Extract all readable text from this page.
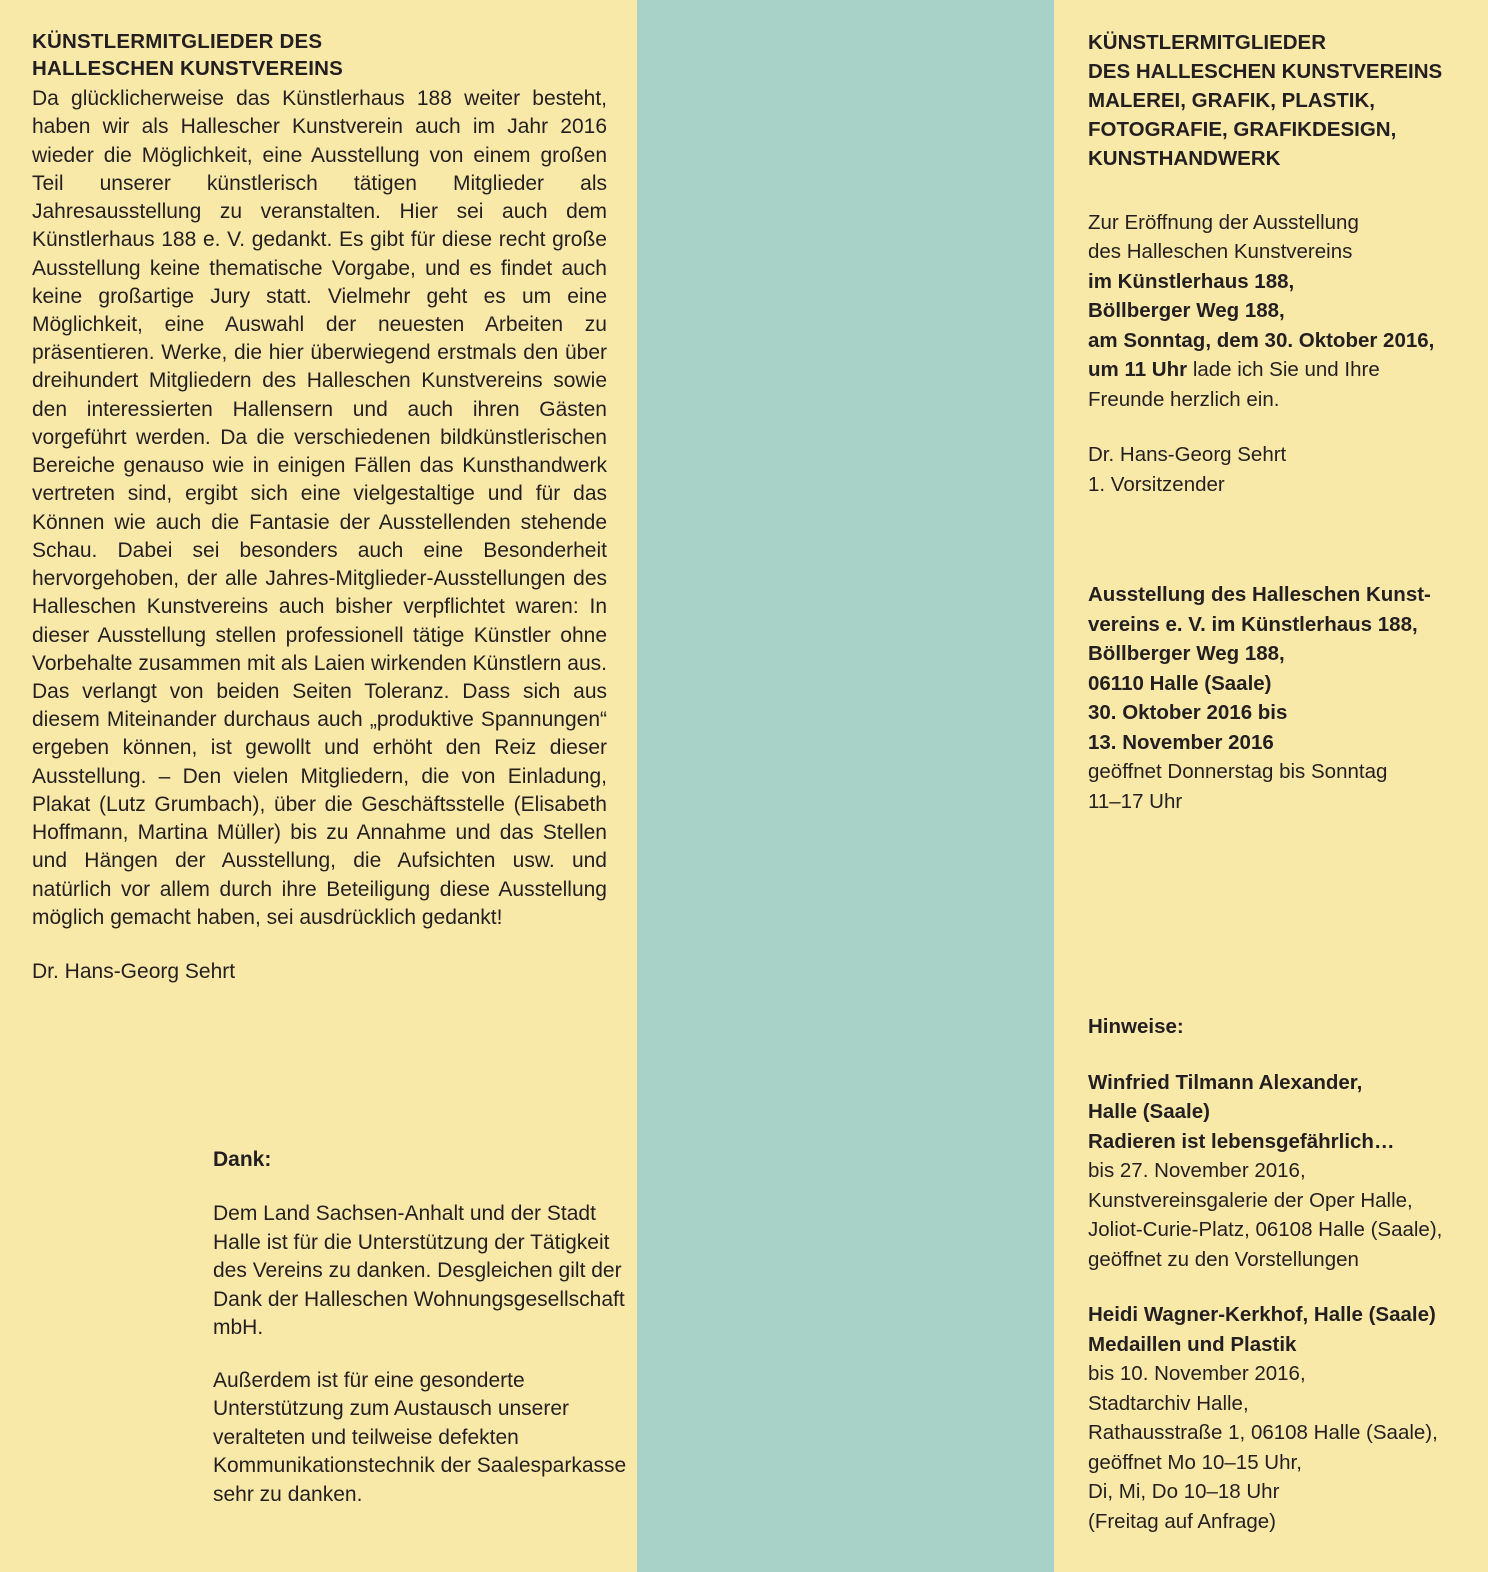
KÜNSTLERMITGLIEDER DES
HALLESCHEN KUNSTVEREINS

Da glücklicherweise das Künstlerhaus 188 weiter besteht, haben wir als Hallescher Kunstverein auch im Jahr 2016 wieder die Möglichkeit, eine Ausstellung von einem großen Teil unserer künstlerisch tätigen Mitglieder als Jahresausstellung zu veranstalten. Hier sei auch dem Künstlerhaus 188 e. V. gedankt. Es gibt für diese recht große Ausstellung keine thematische Vorgabe, und es findet auch keine großartige Jury statt. Vielmehr geht es um eine Möglichkeit, eine Auswahl der neuesten Arbeiten zu präsentieren. Werke, die hier überwiegend erstmals den über dreihundert Mitgliedern des Halleschen Kunstvereins sowie den interessierten Hallensern und auch ihren Gästen vorgeführt werden. Da die verschiedenen bildkünstlerischen Bereiche genauso wie in einigen Fällen das Kunsthandwerk vertreten sind, ergibt sich eine vielgestaltige und für das Können wie auch die Fantasie der Ausstellenden stehende Schau. Dabei sei besonders auch eine Besonderheit hervorgehoben, der alle Jahres-Mitglieder-Ausstellungen des Halleschen Kunstvereins auch bisher verpflichtet waren: In dieser Ausstellung stellen professionell tätige Künstler ohne Vorbehalte zusammen mit als Laien wirkenden Künstlern aus. Das verlangt von beiden Seiten Toleranz. Dass sich aus diesem Miteinander durchaus auch „produktive Spannungen“ ergeben können, ist gewollt und erhöht den Reiz dieser Ausstellung. – Den vielen Mitgliedern, die von Einladung, Plakat (Lutz Grumbach), über die Geschäftsstelle (Elisabeth Hoffmann, Martina Müller) bis zu Annahme und das Stellen und Hängen der Ausstellung, die Aufsichten usw. und natürlich vor allem durch ihre Beteiligung diese Ausstellung möglich gemacht haben, sei ausdrücklich gedankt!

Dr. Hans-Georg Sehrt
Dank:

Dem Land Sachsen-Anhalt und der Stadt Halle ist für die Unterstützung der Tätigkeit des Vereins zu danken. Desgleichen gilt der Dank der Halleschen Wohnungsgesellschaft mbH.

Außerdem ist für eine gesonderte Unterstützung zum Austausch unserer veralteten und teilweise defekten Kommunikationstechnik der Saalesparkasse sehr zu danken.

KÜNSTLERMITGLIEDER
DES HALLESCHEN KUNSTVEREINS
MALEREI, GRAFIK, PLASTIK,
FOTOGRAFIE, GRAFIKDESIGN,
KUNSTHANDWERK

Zur Eröffnung der Ausstellung

des Halleschen Kunstvereins

im Künstlerhaus 188,

Böllberger Weg 188,

am Sonntag, dem 30. Oktober 2016,

um 11 Uhr lade ich Sie und Ihre

Freunde herzlich ein.

Dr. Hans-Georg Sehrt

1. Vorsitzender

Ausstellung des Halleschen Kunst-

vereins e. V. im Künstlerhaus 188,

Böllberger Weg 188,

06110 Halle (Saale)

30. Oktober 2016 bis

13. November 2016

geöffnet Donnerstag bis Sonntag

11–17 Uhr

Hinweise:

Winfried Tilmann Alexander,

Halle (Saale)

Radieren ist lebensgefährlich…

bis 27. November 2016,

Kunstvereinsgalerie der Oper Halle,

Joliot-Curie-Platz, 06108 Halle (Saale),

geöffnet zu den Vorstellungen

Heidi Wagner-Kerkhof, Halle (Saale)

Medaillen und Plastik

bis 10. November 2016,

Stadtarchiv Halle,

Rathausstraße 1, 06108 Halle (Saale),

geöffnet Mo 10–15 Uhr,

Di, Mi, Do 10–18 Uhr

(Freitag auf Anfrage)
